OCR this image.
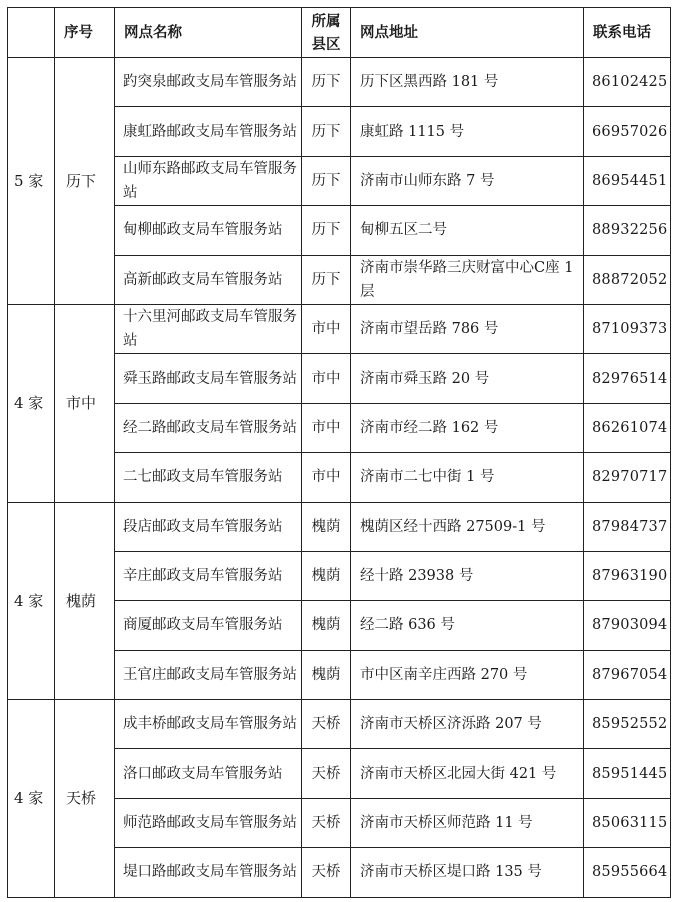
	序号	网点名称	所属县区	网点地址	联系电话
5 家	历下	趵突泉邮政支局车管服务站	历下	历下区黑西路 181 号	86102425
		康虹路邮政支局车管服务站	历下	康虹路 1115 号	66957026
		山师东路邮政支局车管服务站	历下	济南市山师东路 7 号	86954451
		甸柳邮政支局车管服务站	历下	甸柳五区二号	88932256
		高新邮政支局车管服务站	历下	济南市崇华路三庆财富中心C座 1 层	88872052
4 家	市中	十六里河邮政支局车管服务站	市中	济南市望岳路 786 号	87109373
		舜玉路邮政支局车管服务站	市中	济南市舜玉路 20 号	82976514
		经二路邮政支局车管服务站	市中	济南市经二路 162 号	86261074
		二七邮政支局车管服务站	市中	济南市二七中街 1 号	82970717
4 家	槐荫	段店邮政支局车管服务站	槐荫	槐荫区经十西路 27509-1 号	87984737
		辛庄邮政支局车管服务站	槐荫	经十路 23938 号	87963190
		商厦邮政支局车管服务站	槐荫	经二路 636 号	87903094
		王官庄邮政支局车管服务站	槐荫	市中区南辛庄西路 270 号	87967054
4 家	天桥	成丰桥邮政支局车管服务站	天桥	济南市天桥区济泺路 207 号	85952552
		洛口邮政支局车管服务站	天桥	济南市天桥区北园大街 421 号	85951445
		师范路邮政支局车管服务站	天桥	济南市天桥区师范路 11 号	85063115
		堤口路邮政支局车管服务站	天桥	济南市天桥区堤口路 135 号	85955664
